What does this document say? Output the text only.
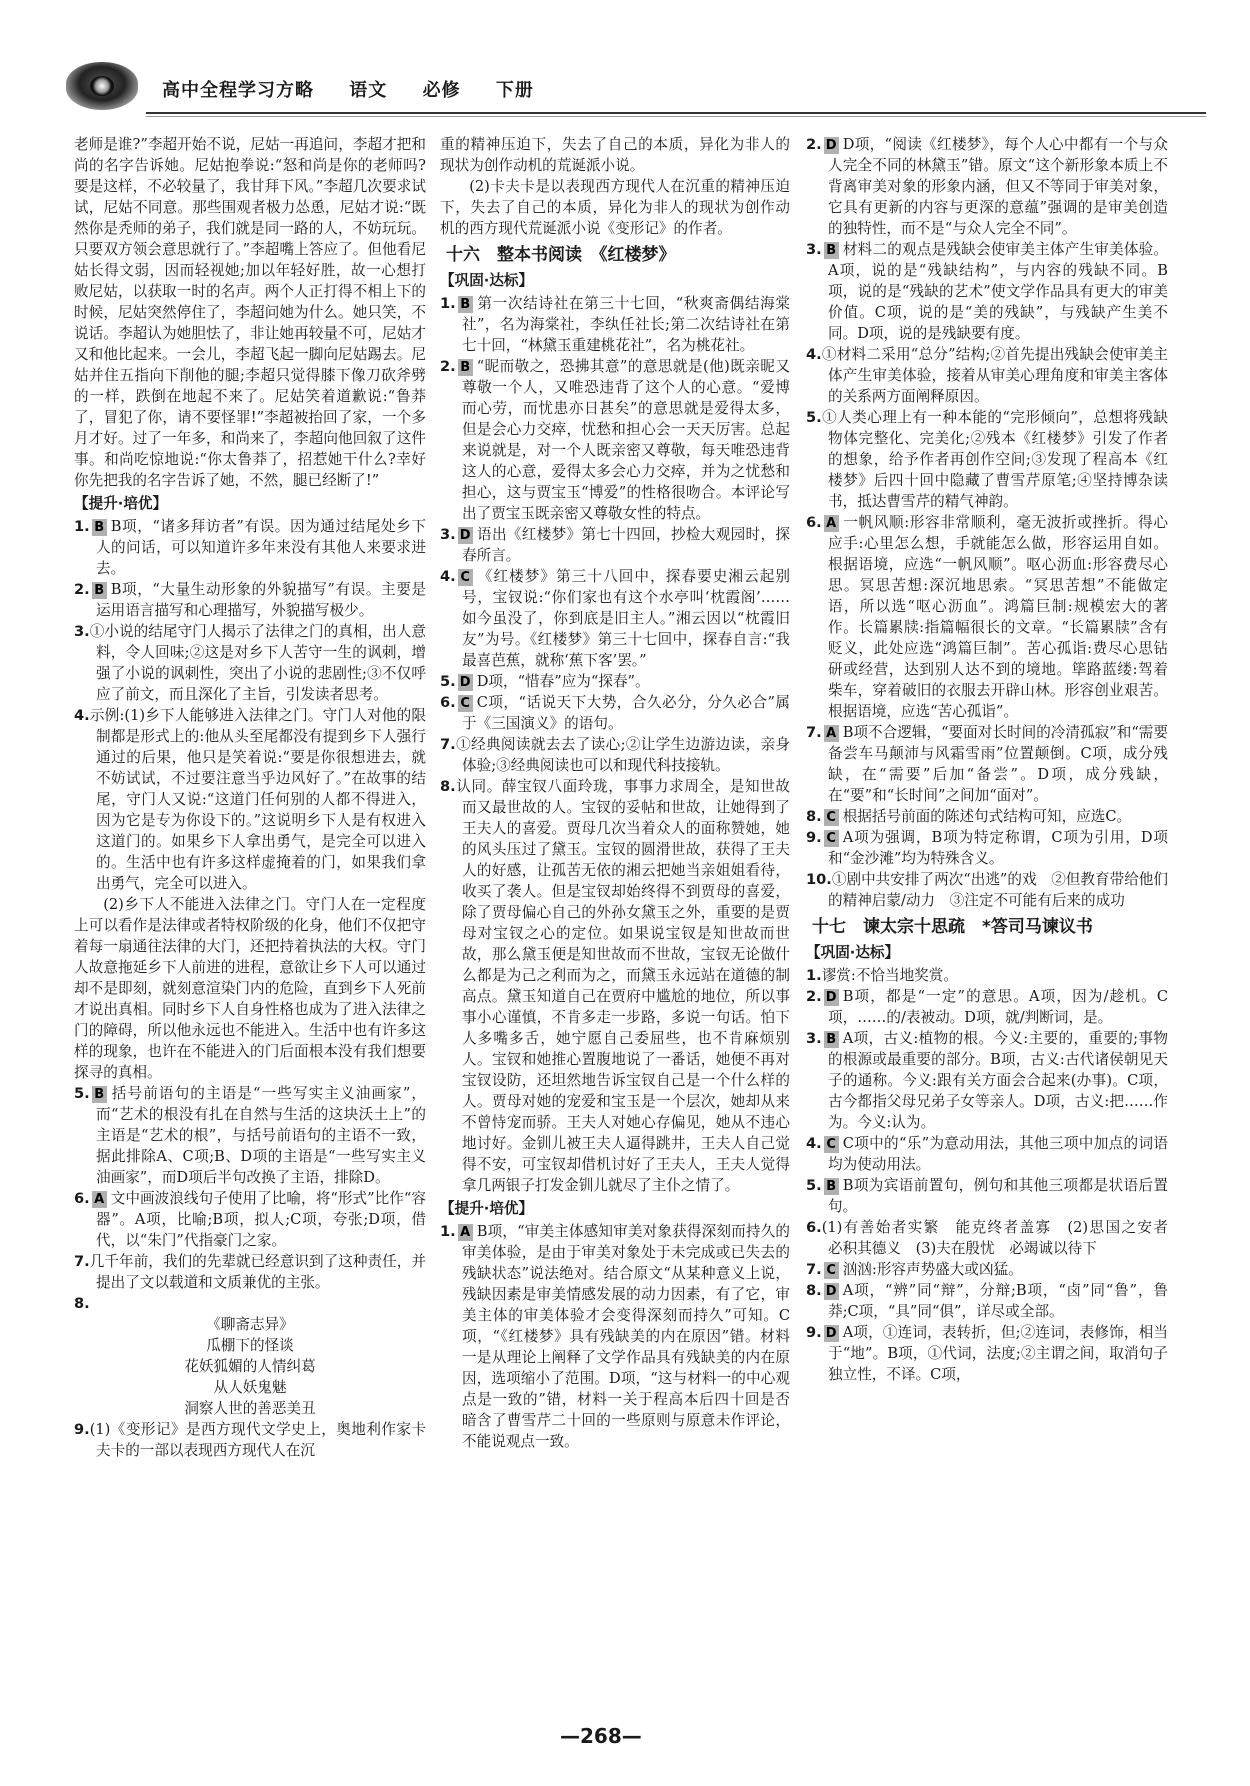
高中全程学习方略 语文 必修 下册

老师是谁?”李超开始不说，尼姑一再追问，李超才把和尚的名字告诉她。尼姑抱拳说:“怒和尚是你的老师吗?要是这样，不必较量了，我甘拜下风。”李超几次要求试试，尼姑不同意。那些围观者极力怂恿，尼姑才说:“既然你是秃师的弟子，我们就是同一路的人，不妨玩玩。只要双方领会意思就行了。”李超嘴上答应了。但他看尼姑长得文弱，因而轻视她;加以年轻好胜，故一心想打败尼姑，以获取一时的名声。两个人正打得不相上下的时候，尼姑突然停住了，李超问她为什么。她只笑，不说话。李超认为她胆怯了，非让她再较量不可，尼姑才又和他比起来。一会儿，李超飞起一脚向尼姑踢去。尼姑并住五指向下削他的腿;李超只觉得膝下像刀砍斧劈的一样，跌倒在地起不来了。尼姑笑着道歉说:“鲁莽了，冒犯了你，请不要怪罪!”李超被抬回了家，一个多月才好。过了一年多，和尚来了，李超向他回叙了这件事。和尚吃惊地说:“你太鲁莽了，招惹她干什么?幸好你先把我的名字告诉了她，不然，腿已经断了!”

【提升·培优】

1. B B项，“诸多拜访者”有误。因为通过结尾处乡下人的问话，可以知道许多年来没有其他人来要求进去。

2. B B项，“大量生动形象的外貌描写”有误。主要是运用语言描写和心理描写，外貌描写极少。

3.①小说的结尾守门人揭示了法律之门的真相，出人意料，令人回味;②这是对乡下人苦守一生的讽刺，增强了小说的讽刺性，突出了小说的悲剧性;③不仅呼应了前文，而且深化了主旨，引发读者思考。

4.示例:(1)乡下人能够进入法律之门。守门人对他的限制都是形式上的:他从头至尾都没有提到乡下人强行通过的后果，他只是笑着说:“要是你很想进去，就不妨试试，不过要注意当乎边风好了。”在故事的结尾，守门人又说:“这道门任何别的人都不得进入，因为它是专为你设下的。”这说明乡下人是有权进入这道门的。如果乡下人拿出勇气，是完全可以进入的。生活中也有许多这样虚掩着的门，如果我们拿出勇气，完全可以进入。

(2)乡下人不能进入法律之门。守门人在一定程度上可以看作是法律或者特权阶级的化身，他们不仅把守着每一扇通往法律的大门，还把持着执法的大权。守门人故意拖延乡下人前进的进程，意欲让乡下人可以通过却不是即刻，就刻意渲染门内的危险，直到乡下人死前才说出真相。同时乡下人自身性格也成为了进入法律之门的障碍，所以他永远也不能进入。生活中也有许多这样的现象，也许在不能进入的门后面根本没有我们想要探寻的真相。

5. B 括号前语句的主语是“一些写实主义油画家”，而“艺术的根没有扎在自然与生活的这块沃土上”的主语是“艺术的根”，与括号前语句的主语不一致，据此排除A、C项;B、D项的主语是“一些写实主义油画家”，而D项后半句改换了主语，排除D。

6. A 文中画波浪线句子使用了比喻，将“形式”比作“容器”。A项，比喻;B项，拟人;C项，夸张;D项，借代，以“朱门”代指豪门之家。

7.几千年前，我们的先辈就已经意识到了这种责任，并提出了文以载道和文质兼优的主张。

8.

《聊斋志异》

瓜棚下的怪谈

花妖狐媚的人情纠葛

从人妖鬼魅

洞察人世的善恶美丑

9.(1)《变形记》是西方现代文学史上，奥地利作家卡夫卡的一部以表现西方现代人在沉

重的精神压迫下，失去了自己的本质，异化为非人的现状为创作动机的荒诞派小说。

(2)卡夫卡是以表现西方现代人在沉重的精神压迫下，失去了自己的本质，异化为非人的现状为创作动机的西方现代荒诞派小说《变形记》的作者。

十六　整本书阅读　《红楼梦》
【巩固·达标】

1. B 第一次结诗社在第三十七回，“秋爽斋偶结海棠社”，名为海棠社，李纨任社长;第二次结诗社在第七十回，“林黛玉重建桃花社”，名为桃花社。

2. B “昵而敬之，恐拂其意”的意思就是(他)既亲昵又尊敬一个人，又唯恐违背了这个人的心意。“爱博而心劳，而忧患亦日甚矣”的意思就是爱得太多，但是会心力交瘁，忧愁和担心会一天天厉害。总起来说就是，对一个人既亲密又尊敬，每天唯恐违背这人的心意，爱得太多会心力交瘁，并为之忧愁和担心，这与贾宝玉“博爱”的性格很吻合。本评论写出了贾宝玉既亲密又尊敬女性的特点。

3. D 语出《红楼梦》第七十四回，抄检大观园时，探春所言。

4. C 《红楼梦》第三十八回中，探春要史湘云起别号，宝钗说:“你们家也有这个水亭叫‘枕霞阁’……如今虽没了，你到底是旧主人。”湘云因以“枕霞旧友”为号。《红楼梦》第三十七回中，探春自言:“我最喜芭蕉，就称‘蕉下客’罢。”

5. D D项，“惜春”应为“探春”。

6. C C项，“话说天下大势，合久必分，分久必合”属于《三国演义》的语句。

7.①经典阅读就去去了读心;②让学生边游边读，亲身体验;③经典阅读也可以和现代科技接轨。

8.认同。薛宝钗八面玲珑，事事力求周全，是知世故而又最世故的人。宝钗的妥帖和世故，让她得到了王夫人的喜爱。贾母几次当着众人的面称赞她，她的风头压过了黛玉。宝钗的圆滑世故，获得了王夫人的好感，让孤苦无依的湘云把她当亲姐姐看待，收买了袭人。但是宝钗却始终得不到贾母的喜爱，除了贾母偏心自己的外孙女黛玉之外，重要的是贾母对宝钗之心的定位。如果说宝钗是知世故而世故，那么黛玉便是知世故而不世故，宝钗无论做什么都是为己之利而为之，而黛玉永远站在道德的制高点。黛玉知道自己在贾府中尴尬的地位，所以事事小心谨慎，不肯多走一步路，多说一句话。怕下人多嘴多舌，她宁愿自己委屈些，也不肯麻烦别人。宝钗和她推心置腹地说了一番话，她便不再对宝钗设防，还坦然地告诉宝钗自己是一个什么样的人。贾母对她的宠爱和宝玉是一个层次，她却从来不曾恃宠而骄。王夫人对她心存偏见，她从不违心地讨好。金钏儿被王夫人逼得跳井，王夫人自己觉得不安，可宝钗却借机讨好了王夫人，王夫人觉得拿几两银子打发金钏儿就尽了主仆之情了。

【提升·培优】

1. A B项，“审美主体感知审美对象获得深刻而持久的审美体验，是由于审美对象处于未完成或已失去的残缺状态”说法绝对。结合原文“从某种意义上说，残缺因素是审美情感发展的动力因素，有了它，审美主体的审美体验才会变得深刻而持久”可知。C项，“《红楼梦》具有残缺美的内在原因”错。材料一是从理论上阐释了文学作品具有残缺美的内在原因，选项缩小了范围。D项，“这与材料一的中心观点是一致的”错，材料一关于程高本后四十回是否暗含了曹雪芹二十回的一些原则与原意未作评论，不能说观点一致。

2. D D项，“阅读《红楼梦》，每个人心中都有一个与众人完全不同的林黛玉”错。原文“这个新形象本质上不背离审美对象的形象内涵，但又不等同于审美对象，它具有更新的内容与更深的意蕴”强调的是审美创造的独特性，而不是“与众人完全不同”。

3. B 材料二的观点是残缺会使审美主体产生审美体验。A项，说的是“残缺结构”，与内容的残缺不同。B项，说的是“残缺的艺术”使文学作品具有更大的审美价值。C项，说的是“美的残缺”，与残缺产生美不同。D项，说的是残缺要有度。

4.①材料二采用“总分”结构;②首先提出残缺会使审美主体产生审美体验，接着从审美心理角度和审美主客体的关系两方面阐释原因。

5.①人类心理上有一种本能的“完形倾向”，总想将残缺物体完整化、完美化;②残本《红楼梦》引发了作者的想象，给予作者再创作空间;③发现了程高本《红楼梦》后四十回中隐藏了曹雪芹原笔;④坚持博杂读书，抵达曹雪芹的精气神韵。

6. A 一帆风顺:形容非常顺利，毫无波折或挫折。得心应手:心里怎么想，手就能怎么做，形容运用自如。根据语境，应选“一帆风顺”。呕心沥血:形容费尽心思。冥思苦想:深沉地思索。“冥思苦想”不能做定语，所以选“呕心沥血”。鸿篇巨制:规模宏大的著作。长篇累牍:指篇幅很长的文章。“长篇累牍”含有贬义，此处应选“鸿篇巨制”。苦心孤诣:费尽心思钻研或经营，达到别人达不到的境地。筚路蓝缕:驾着柴车，穿着破旧的衣服去开辟山林。形容创业艰苦。根据语境，应选“苦心孤诣”。

7. A B项不合逻辑，“要面对长时间的冷清孤寂”和“需要备尝车马颠沛与风霜雪雨”位置颠倒。C项，成分残缺，在“需要”后加“备尝”。D项，成分残缺，在“要”和“长时间”之间加“面对”。

8. C 根据括号前面的陈述句式结构可知，应选C。

9. C A项为强调，B项为特定称谓，C项为引用，D项和“金沙滩”均为特殊含义。

10.①剧中共安排了两次“出逃”的戏　②但教育带给他们的精神启蒙/动力　③注定不可能有后来的成功

十七　谏太宗十思疏　*答司马谏议书
【巩固·达标】

1.谬赏:不恰当地奖赏。

2. D B项，都是“一定”的意思。A项，因为/趁机。C项，……的/表被动。D项，就/判断词，是。

3. B A项，古义:植物的根。今义:主要的，重要的;事物的根源或最重要的部分。B项，古义:古代诸侯朝见天子的通称。今义:跟有关方面会合起来(办事)。C项，古今都指父母兄弟子女等亲人。D项，古义:把……作为。今义:认为。

4. C C项中的“乐”为意动用法，其他三项中加点的词语均为使动用法。

5. B B项为宾语前置句，例句和其他三项都是状语后置句。

6.(1)有善始者实繁　能克终者盖寡　(2)思国之安者　必积其德义　(3)夫在殷忧　必竭诚以待下

7. C 汹汹:形容声势盛大或凶猛。

8. D A项，“辨”同“辩”，分辩;B项，“卤”同“鲁”，鲁莽;C项，“具”同“俱”，详尽或全部。

9. D A项，①连词，表转折，但;②连词，表修饰，相当于“地”。B项，①代词，法度;②主谓之间，取消句子独立性，不译。C项，

—268—
